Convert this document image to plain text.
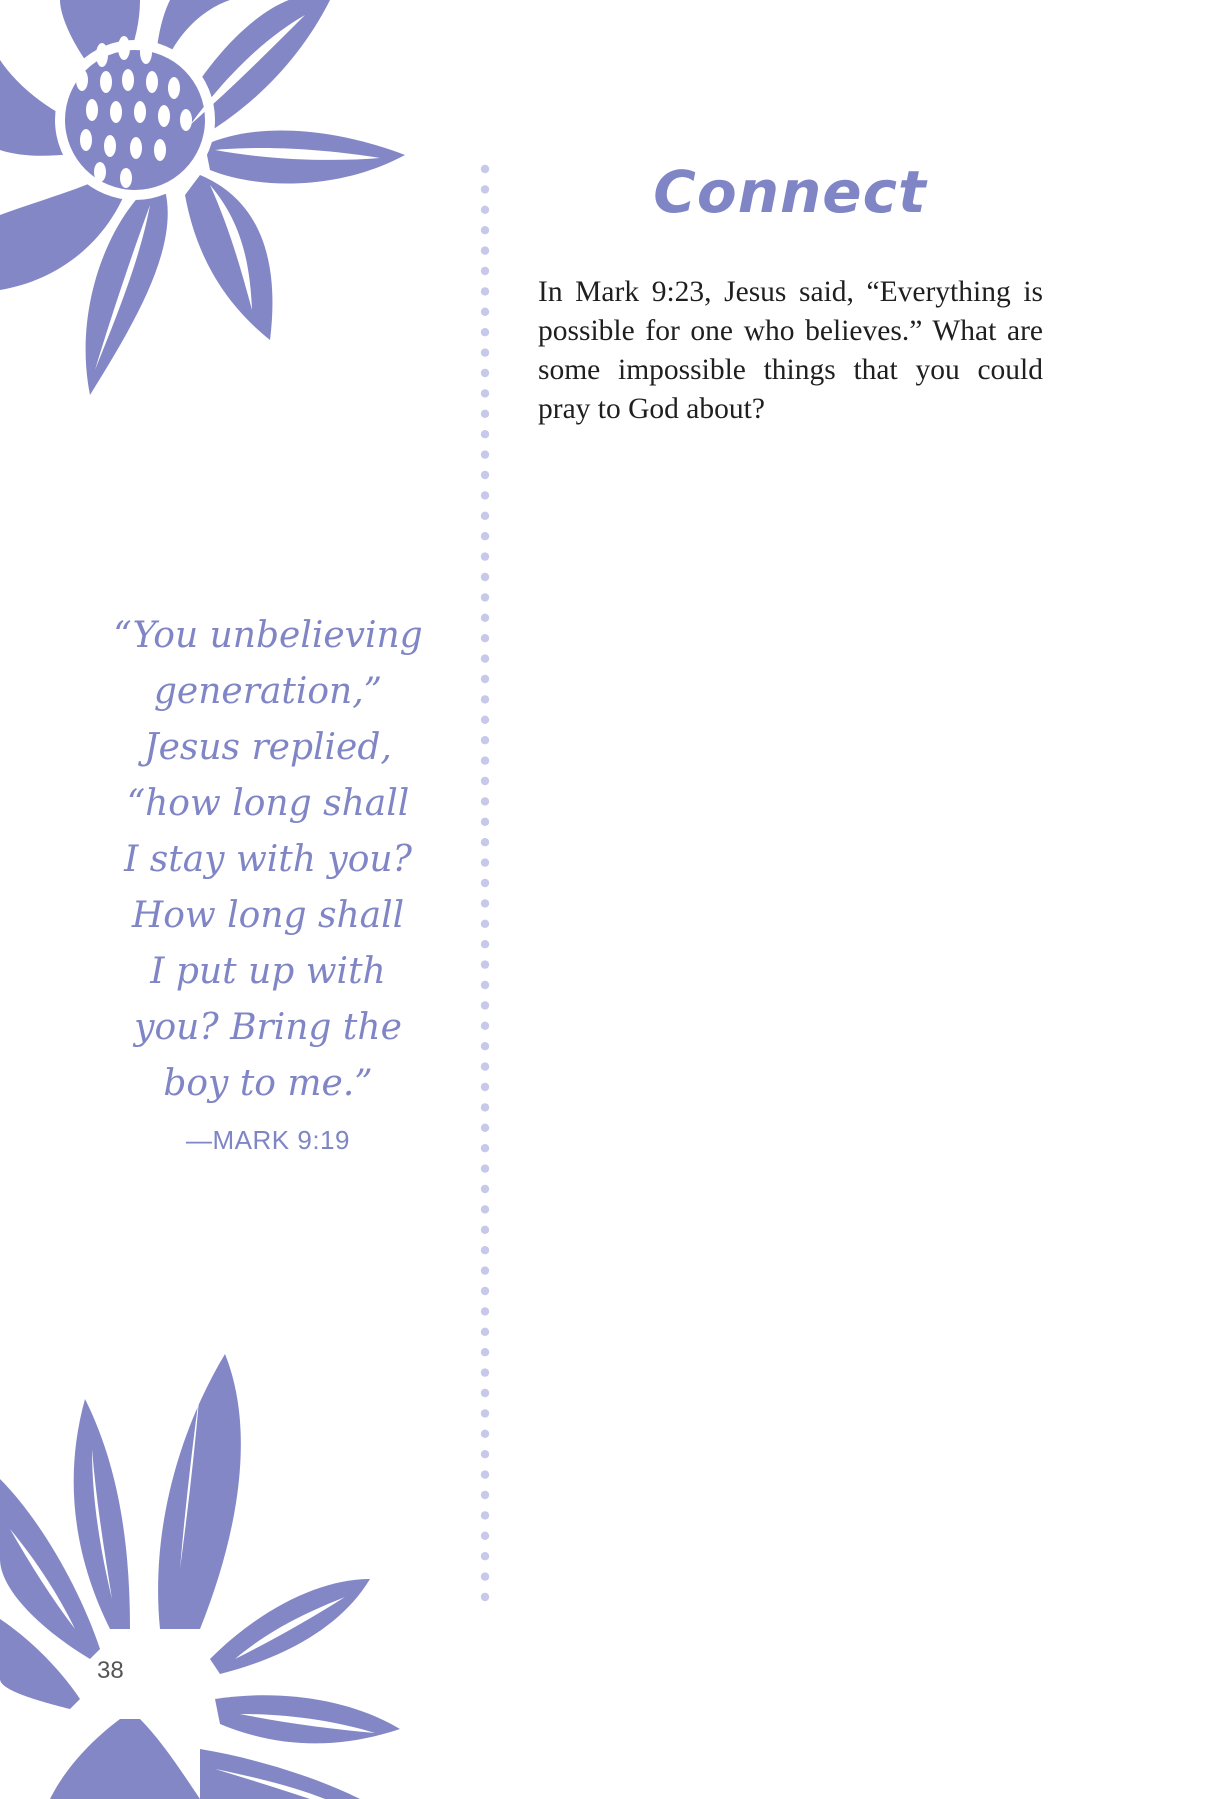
Connect
In Mark 9:23, Jesus said, “Everything is possible for one who believes.” What are some impossible things that you could pray to God about?
“You unbelieving
generation,”
Jesus replied,
“how long shall
I stay with you?
How long shall
I put up with
you? Bring the
boy to me.”
—MARK 9:19
38
